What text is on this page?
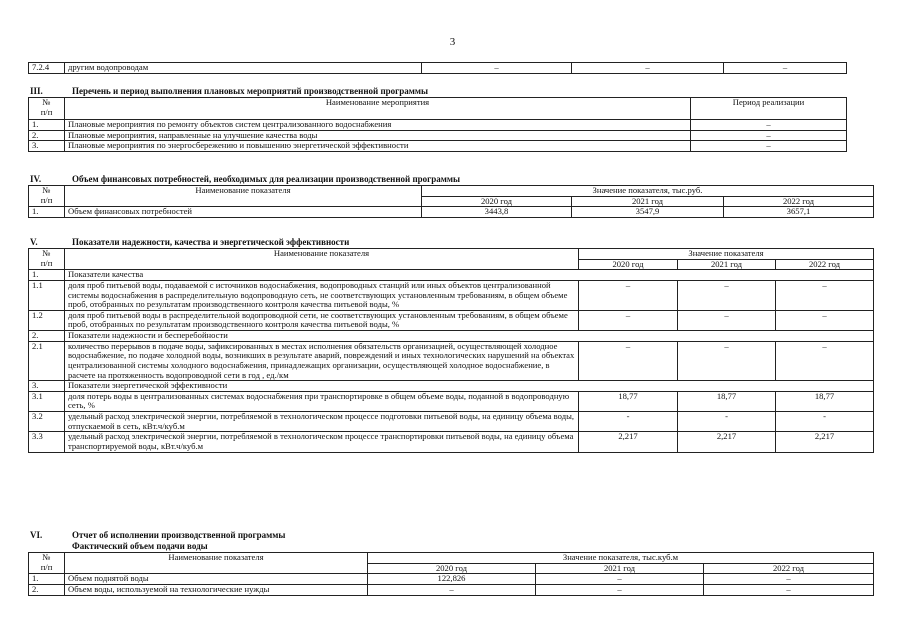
3
7.2.4	другим водопроводам	–	–	–
III.	Перечень и период выполнения плановых мероприятий производственной программы
№
п/п	Наименование мероприятия	Период реализации
1.	Плановые мероприятия по ремонту объектов систем централизованного водоснабжения	–
2.	Плановые мероприятия, направленные на улучшение качества воды	–
3.	Плановые мероприятия по энергосбережению и повышению энергетической эффективности	–
IV.	Объем финансовых потребностей, необходимых для реализации производственной программы
№
п/п	Наименование показателя	Значение показателя, тыс.руб.		
		2020 год	2021 год	2022 год
1.	Объем финансовых потребностей	3443,8	3547,9	3657,1
V.	Показатели надежности, качества и энергетической эффективности
№
п/п	Наименование показателя	Значение показателя		
		2020 год	2021 год	2022 год
1.	Показатели качества			
1.1	доля проб питьевой воды, подаваемой с источников водоснабжения, водопроводных станций или иных объектов централизованной системы водоснабжения в распределительную водопроводную сеть, не соответствующих установленным требованиям, в общем объеме проб, отобранных по результатам производственного контроля качества питьевой воды, %	–	–	–
1.2	доля проб питьевой воды в распределительной водопроводной сети, не соответствующих установленным требованиям, в общем объеме проб, отобранных по результатам производственного контроля качества питьевой воды, %	–	–	–
2.	Показатели надежности и бесперебойности			
2.1	количество перерывов в подаче воды, зафиксированных в местах исполнения обязательств организацией, осуществляющей холодное водоснабжение, по подаче холодной воды, возникших в результате аварий, повреждений и иных технологических нарушений на объектах централизованной системы холодного водоснабжения, принадлежащих организации, осуществляющей холодное водоснабжение, в расчете на протяженность водопроводной сети в год , ед./км	–	–	–
3.	Показатели энергетической эффективности			
3.1	доля потерь воды в централизованных системах водоснабжения при транспортировке в общем объеме воды, поданной в водопроводную сеть, %	18,77	18,77	18,77
3.2	удельный расход электрической энергии, потребляемой в технологическом процессе подготовки питьевой воды, на единицу объема воды, отпускаемой в сеть, кВт.ч/куб.м	-	-	-
3.3	удельный расход электрической энергии, потребляемой в технологическом процессе транспортировки питьевой воды, на единицу объема транспортируемой воды, кВт.ч/куб.м	2,217	2,217	2,217
VI.	Отчет об исполнении производственной программы
Фактический объем подачи воды
№
п/п	Наименование показателя	Значение показателя, тыс.куб.м		
		2020 год	2021 год	2022 год
1.	Объем поднятой воды	122,826	–	–
2.	Объем воды, используемой на технологические нужды	–	–	–
